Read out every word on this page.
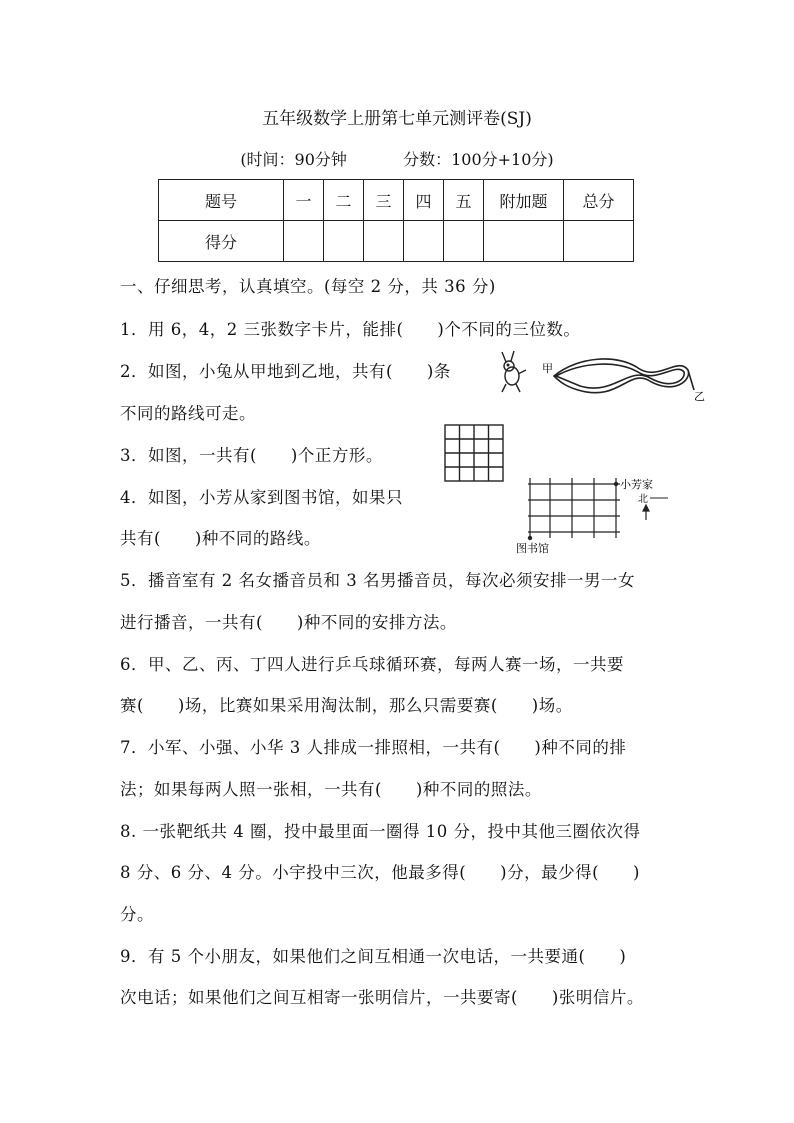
五年级数学上册第七单元测评卷(SJ)
(时间：90分钟	分数：100分+10分)
题号	一	二	三	四	五	附加题	总分
得分							
一、仔细思考，认真填空。(每空 2 分，共 36 分)
1．用 6，4，2 三张数字卡片，能排(　　)个不同的三位数。
2．如图，小兔从甲地到乙地，共有(　　)条
不同的路线可走。
3．如图，一共有(　　)个正方形。
4．如图，小芳从家到图书馆，如果只
共有(　　)种不同的路线。
5．播音室有 2 名女播音员和 3 名男播音员，每次必须安排一男一女
进行播音，一共有(　　)种不同的安排方法。
6．甲、乙、丙、丁四人进行乒乓球循环赛，每两人赛一场，一共要
赛(　　)场，比赛如果采用淘汰制，那么只需要赛(　　)场。
7．小军、小强、小华 3 人排成一排照相，一共有(　　)种不同的排
法；如果每两人照一张相，一共有(　　)种不同的照法。
8. 一张靶纸共 4 圈，投中最里面一圈得 10 分，投中其他三圈依次得
8 分、6 分、4 分。小宇投中三次，他最多得(　　)分，最少得(　　)
分。
9．有 5 个小朋友，如果他们之间互相通一次电话，一共要通(　　)
次电话；如果他们之间互相寄一张明信片，一共要寄(　　)张明信片。
甲
乙
小芳家
北
图书馆
